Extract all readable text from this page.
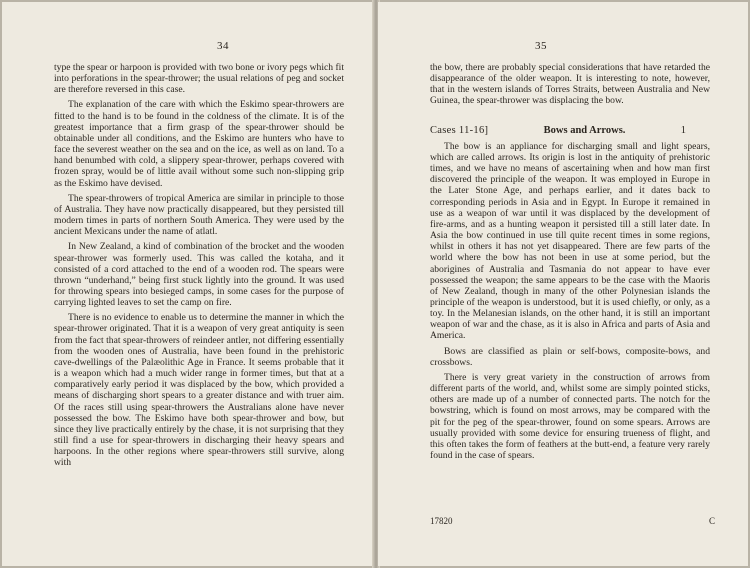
34

type the spear or harpoon is provided with two bone or ivory pegs which fit into perforations in the spear-thrower; the usual relations of peg and socket are therefore reversed in this case.

The explanation of the care with which the Eskimo spear-throwers are fitted to the hand is to be found in the coldness of the climate. It is of the greatest importance that a firm grasp of the spear-thrower should be obtainable under all conditions, and the Eskimo are hunters who have to face the severest weather on the sea and on the ice, as well as on land. To a hand benumbed with cold, a slippery spear-thrower, perhaps covered with frozen spray, would be of little avail without some such non-slipping grip as the Eskimo have devised.

The spear-throwers of tropical America are similar in principle to those of Australia. They have now practically disappeared, but they persisted till modern times in parts of northern South America. They were used by the ancient Mexicans under the name of atlatl.

In New Zealand, a kind of combination of the brocket and the wooden spear-thrower was formerly used. This was called the kotaha, and it consisted of a cord attached to the end of a wooden rod. The spears were thrown “underhand,” being first stuck lightly into the ground. It was used for throwing spears into besieged camps, in some cases for the purpose of carrying lighted leaves to set the camp on fire.

There is no evidence to enable us to determine the manner in which the spear-thrower originated. That it is a weapon of very great antiquity is seen from the fact that spear-throwers of reindeer antler, not differing essentially from the wooden ones of Australia, have been found in the prehistoric cave-dwellings of the Palæolithic Age in France. It seems probable that it is a weapon which had a much wider range in former times, but that at a comparatively early period it was displaced by the bow, which provided a means of discharging short spears to a greater distance and with truer aim. Of the races still using spear-throwers the Australians alone have never possessed the bow. The Eskimo have both spear-thrower and bow, but since they live practically entirely by the chase, it is not surprising that they still find a use for spear-throwers in discharging their heavy spears and harpoons. In the other regions where spear-throwers still survive, along with

35

the bow, there are probably special considerations that have retarded the disappearance of the older weapon. It is interesting to note, however, that in the western islands of Torres Straits, between Australia and New Guinea, the spear-thrower was displacing the bow.

Cases 11-16]	Bows and Arrows.	1

The bow is an appliance for discharging small and light spears, which are called arrows. Its origin is lost in the antiquity of prehistoric times, and we have no means of ascertaining when and how man first discovered the principle of the weapon. It was employed in Europe in the Later Stone Age, and perhaps earlier, and it dates back to corresponding periods in Asia and in Egypt. In Europe it remained in use as a weapon of war until it was displaced by the development of fire-arms, and as a hunting weapon it persisted till a still later date. In Asia the bow continued in use till quite recent times in some regions, whilst in others it has not yet disappeared. There are few parts of the world where the bow has not been in use at some period, but the aborigines of Australia and Tasmania do not appear to have ever possessed the weapon; the same appears to be the case with the Maoris of New Zealand, though in many of the other Polynesian islands the principle of the weapon is understood, but it is used chiefly, or only, as a toy. In the Melanesian islands, on the other hand, it is still an important weapon of war and the chase, as it is also in Africa and parts of Asia and America.

Bows are classified as plain or self-bows, composite-bows, and crossbows.

There is very great variety in the construction of arrows from different parts of the world, and, whilst some are simply pointed sticks, others are made up of a number of connected parts. The notch for the bowstring, which is found on most arrows, may be compared with the pit for the peg of the spear-thrower, found on some spears. Arrows are usually provided with some device for ensuring trueness of flight, and this often takes the form of feathers at the butt-end, a feature very rarely found in the case of spears.

17820	C
